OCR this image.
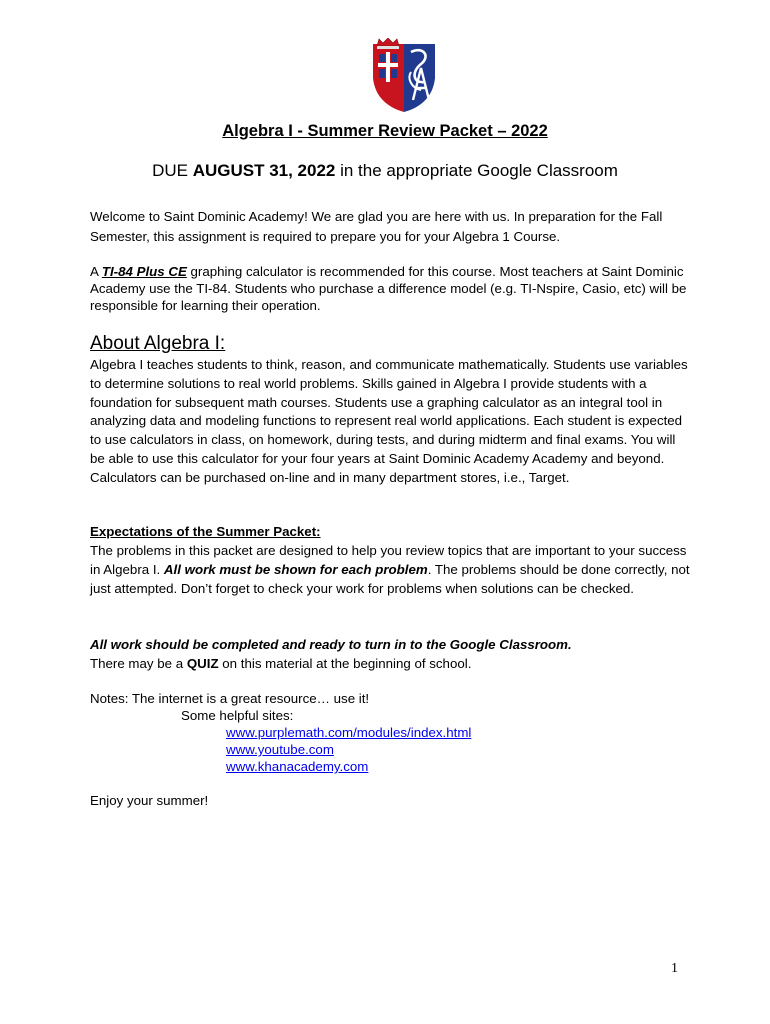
Algebra I - Summer Review Packet – 2022
DUE AUGUST 31, 2022 in the appropriate Google Classroom
Welcome to Saint Dominic Academy! We are glad you are here with us. In preparation for the Fall Semester, this assignment is required to prepare you for your Algebra 1 Course.
A TI-84 Plus CE graphing calculator is recommended for this course. Most teachers at Saint Dominic Academy use the TI-84. Students who purchase a difference model (e.g. TI-Nspire, Casio, etc) will be responsible for learning their operation.
About Algebra I:
Algebra I teaches students to think, reason, and communicate mathematically. Students use variables to determine solutions to real world problems. Skills gained in Algebra I provide students with a foundation for subsequent math courses. Students use a graphing calculator as an integral tool in analyzing data and modeling functions to represent real world applications. Each student is expected to use calculators in class, on homework, during tests, and during midterm and final exams. You will be able to use this calculator for your four years at Saint Dominic Academy Academy and beyond. Calculators can be purchased on-line and in many department stores, i.e., Target.
Expectations of the Summer Packet:
The problems in this packet are designed to help you review topics that are important to your success in Algebra I. All work must be shown for each problem. The problems should be done correctly, not just attempted. Don’t forget to check your work for problems when solutions can be checked.
All work should be completed and ready to turn in to the Google Classroom.
There may be a QUIZ on this material at the beginning of school.
Notes: The internet is a great resource… use it!
Some helpful sites:
www.purplemath.com/modules/index.html
www.youtube.com
www.khanacademy.com
Enjoy your summer!
1
